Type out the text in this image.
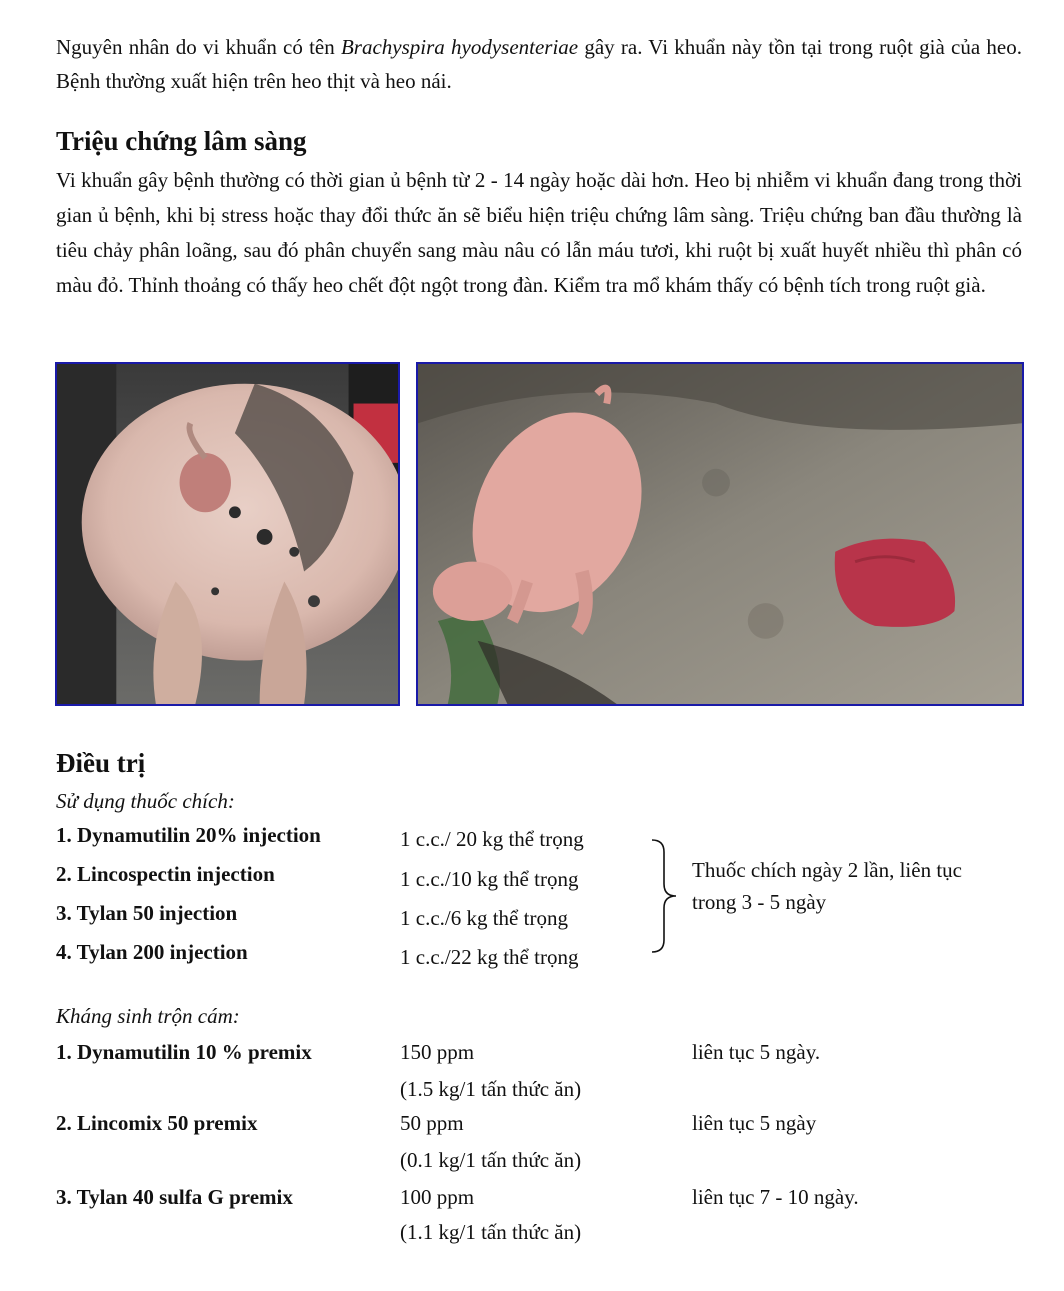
Nguyên nhân do vi khuẩn có tên Brachyspira hyodysenteriae gây ra. Vi khuẩn này tồn tại trong ruột già của heo. Bệnh thường xuất hiện trên heo thịt và heo nái.

Triệu chứng lâm sàng

Vi khuẩn gây bệnh thường có thời gian ủ bệnh từ 2 - 14 ngày hoặc dài hơn. Heo bị nhiễm vi khuẩn đang trong thời gian ủ bệnh, khi bị stress hoặc thay đổi thức ăn sẽ biểu hiện triệu chứng lâm sàng. Triệu chứng ban đầu thường là tiêu chảy phân loãng, sau đó phân chuyển sang màu nâu có lẫn máu tươi, khi ruột bị xuất huyết nhiều thì phân có màu đỏ. Thỉnh thoảng có thấy heo chết đột ngột trong đàn. Kiểm tra mổ khám thấy có bệnh tích trong ruột già.

Điều trị

Sử dụng thuốc chích:

1. Dynamutilin 20% injection	1 c.c./ 20 kg thể trọng
2. Lincospectin injection	1 c.c./10 kg thể trọng
3. Tylan 50 injection	1 c.c./6 kg thể trọng
4. Tylan 200 injection	1 c.c./22 kg thể trọng
Thuốc chích ngày 2 lần, liên tục
trong 3 - 5 ngày

Kháng sinh trộn cám:

1. Dynamutilin 10 % premix	150 ppm	liên tục 5 ngày.
(1.5 kg/1 tấn thức ăn)
2. Lincomix 50 premix	50 ppm	liên tục 5 ngày
(0.1 kg/1 tấn thức ăn)
3. Tylan 40 sulfa G premix	100 ppm	liên tục 7 - 10 ngày.
(1.1 kg/1 tấn thức ăn)
